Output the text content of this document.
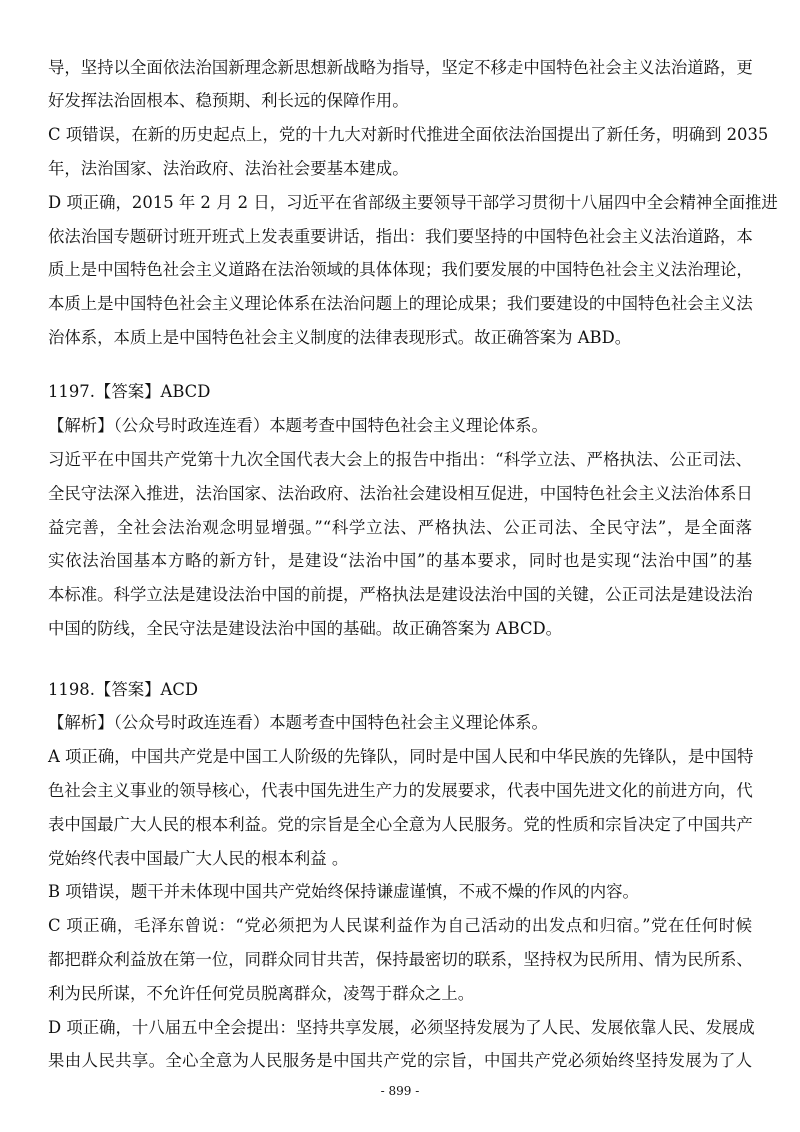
导，坚持以全面依法治国新理念新思想新战略为指导，坚定不移走中国特色社会主义法治道路，更
好发挥法治固根本、稳预期、利长远的保障作用。
C 项错误，在新的历史起点上，党的十九大对新时代推进全面依法治国提出了新任务，明确到 2035
年，法治国家、法治政府、法治社会要基本建成。
D 项正确，2015 年 2 月 2 日，习近平在省部级主要领导干部学习贯彻十八届四中全会精神全面推进
依法治国专题研讨班开班式上发表重要讲话，指出：我们要坚持的中国特色社会主义法治道路，本
质上是中国特色社会主义道路在法治领域的具体体现；我们要发展的中国特色社会主义法治理论，
本质上是中国特色社会主义理论体系在法治问题上的理论成果；我们要建设的中国特色社会主义法
治体系，本质上是中国特色社会主义制度的法律表现形式。故正确答案为 ABD。
1197.【答案】ABCD
【解析】（公众号时政连连看）本题考查中国特色社会主义理论体系。
习近平在中国共产党第十九次全国代表大会上的报告中指出：“科学立法、严格执法、公正司法、
全民守法深入推进，法治国家、法治政府、法治社会建设相互促进，中国特色社会主义法治体系日
益完善，全社会法治观念明显增强。”“科学立法、严格执法、公正司法、全民守法”，是全面落
实依法治国基本方略的新方针，是建设“法治中国”的基本要求，同时也是实现“法治中国”的基
本标准。科学立法是建设法治中国的前提，严格执法是建设法治中国的关键，公正司法是建设法治
中国的防线，全民守法是建设法治中国的基础。故正确答案为 ABCD。
1198.【答案】ACD
【解析】（公众号时政连连看）本题考查中国特色社会主义理论体系。
A 项正确，中国共产党是中国工人阶级的先锋队，同时是中国人民和中华民族的先锋队，是中国特
色社会主义事业的领导核心，代表中国先进生产力的发展要求，代表中国先进文化的前进方向，代
表中国最广大人民的根本利益。党的宗旨是全心全意为人民服务。党的性质和宗旨决定了中国共产
党始终代表中国最广大人民的根本利益 。
B 项错误，题干并未体现中国共产党始终保持谦虚谨慎，不戒不燥的作风的内容。
C 项正确，毛泽东曾说：“党必须把为人民谋利益作为自己活动的出发点和归宿。”党在任何时候
都把群众利益放在第一位，同群众同甘共苦，保持最密切的联系，坚持权为民所用、情为民所系、
利为民所谋，不允许任何党员脱离群众，凌驾于群众之上。
D 项正确，十八届五中全会提出：坚持共享发展，必须坚持发展为了人民、发展依靠人民、发展成
果由人民共享。全心全意为人民服务是中国共产党的宗旨，中国共产党必须始终坚持发展为了人
- 899 -
